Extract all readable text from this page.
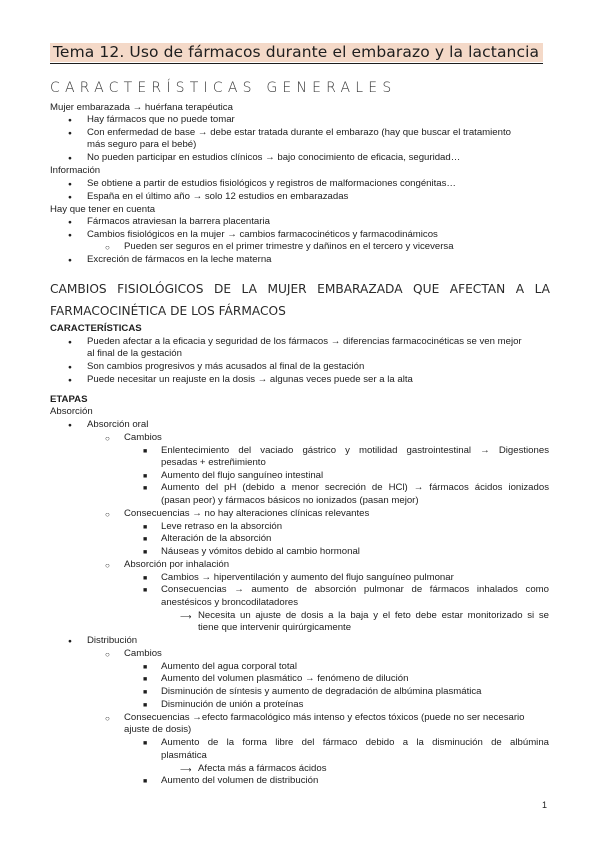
Tema 12. Uso de fármacos durante el embarazo y la lactancia
CARACTERÍSTICAS GENERALES
Mujer embarazada → huérfana terapéutica
●
Hay fármacos que no puede tomar
●
Con enfermedad de base → debe estar tratada durante el embarazo (hay que buscar el tratamiento
más seguro para el bebé)
●
No pueden participar en estudios clínicos → bajo conocimiento de eficacia, seguridad…
Información
●
Se obtiene a partir de estudios fisiológicos y registros de malformaciones congénitas…
●
España en el último año → solo 12 estudios en embarazadas
Hay que tener en cuenta
●
Fármacos atraviesan la barrera placentaria
●
Cambios fisiológicos en la mujer → cambios farmacocinéticos y farmacodinámicos
○
Pueden ser seguros en el primer trimestre y dañinos en el tercero y viceversa
●
Excreción de fármacos en la leche materna
CAMBIOS FISIOLÓGICOS DE LA MUJER EMBARAZADA QUE AFECTAN A LA
FARMACOCINÉTICA DE LOS FÁRMACOS
CARACTERÍSTICAS
●
Pueden afectar a la eficacia y seguridad de los fármacos → diferencias farmacocinéticas se ven mejor
al final de la gestación
●
Son cambios progresivos y más acusados al final de la gestación
●
Puede necesitar un reajuste en la dosis → algunas veces puede ser a la alta
ETAPAS
Absorción
●
Absorción oral
○
Cambios
■
Enlentecimiento del vaciado gástrico y motilidad gastrointestinal → Digestiones
pesadas + estreñimiento
■
Aumento del flujo sanguíneo intestinal
■
Aumento del pH (debido a menor secreción de HCl) → fármacos ácidos ionizados
(pasan peor) y fármacos básicos no ionizados (pasan mejor)
○
Consecuencias → no hay alteraciones clínicas relevantes
■
Leve retraso en la absorción
■
Alteración de la absorción
■
Náuseas y vómitos debido al cambio hormonal
○
Absorción por inhalación
■
Cambios → hiperventilación y aumento del flujo sanguíneo pulmonar
■
Consecuencias → aumento de absorción pulmonar de fármacos inhalados como
anestésicos y broncodilatadores
⟶
Necesita un ajuste de dosis a la baja y el feto debe estar monitorizado si se
tiene que intervenir quirúrgicamente
●
Distribución
○
Cambios
■
Aumento del agua corporal total
■
Aumento del volumen plasmático → fenómeno de dilución
■
Disminución de síntesis y aumento de degradación de albúmina plasmática
■
Disminución de unión a proteínas
○
Consecuencias →efecto farmacológico más intenso y efectos tóxicos (puede no ser necesario
ajuste de dosis)
■
Aumento de la forma libre del fármaco debido a la disminución de albúmina
plasmática
⟶
Afecta más a fármacos ácidos
■
Aumento del volumen de distribución
1
